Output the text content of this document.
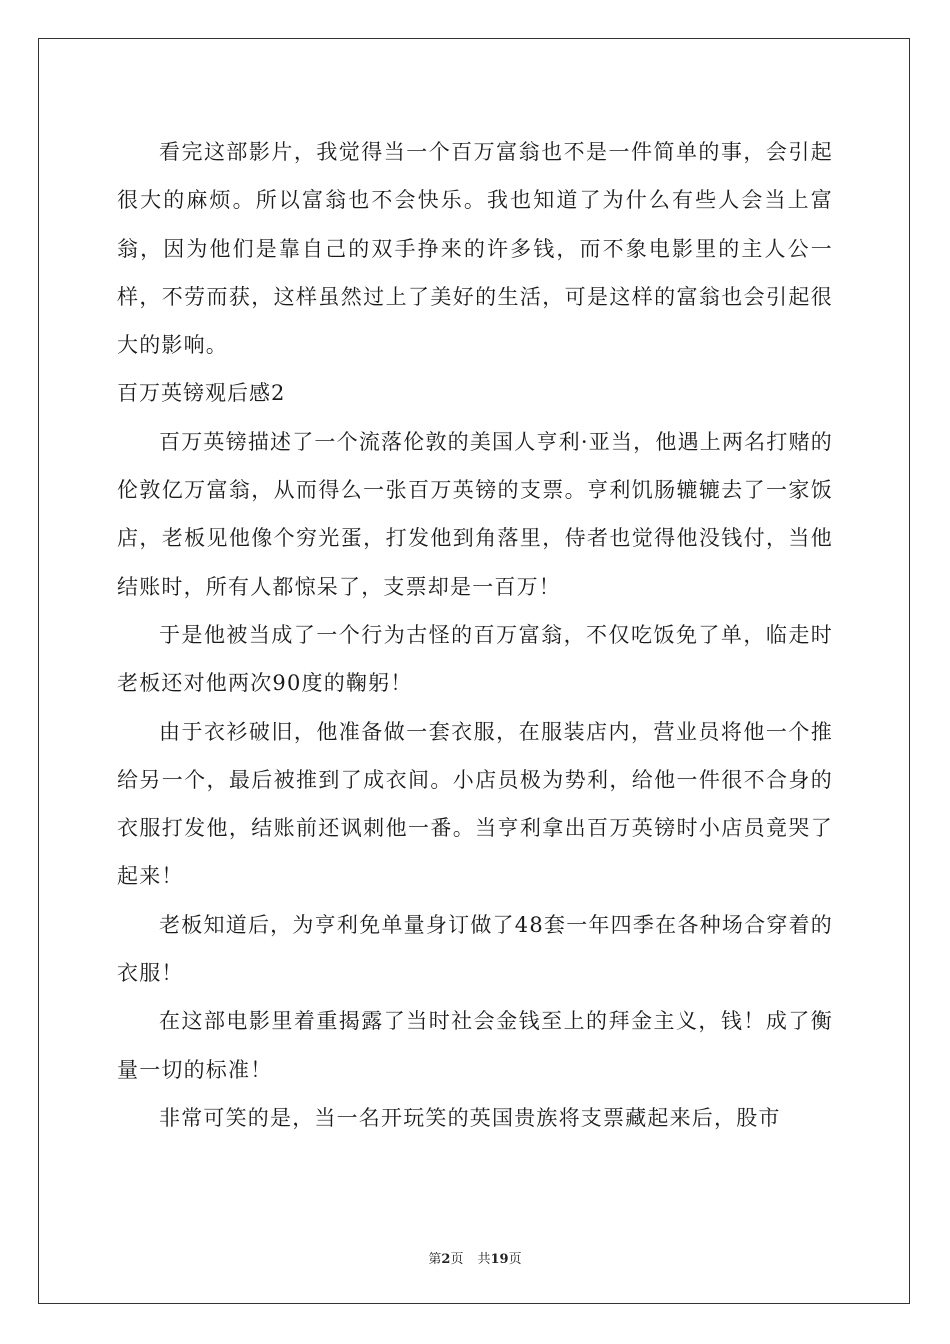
看完这部影片，我觉得当一个百万富翁也不是一件简单的事，会引起很大的麻烦。所以富翁也不会快乐。我也知道了为什么有些人会当上富翁，因为他们是靠自己的双手挣来的许多钱，而不象电影里的主人公一样，不劳而获，这样虽然过上了美好的生活，可是这样的富翁也会引起很大的影响。

百万英镑观后感2

百万英镑描述了一个流落伦敦的美国人亨利·亚当，他遇上两名打赌的伦敦亿万富翁，从而得么一张百万英镑的支票。亨利饥肠辘辘去了一家饭店，老板见他像个穷光蛋，打发他到角落里，侍者也觉得他没钱付，当他结账时，所有人都惊呆了，支票却是一百万！

于是他被当成了一个行为古怪的百万富翁，不仅吃饭免了单，临走时老板还对他两次90度的鞠躬！

由于衣衫破旧，他准备做一套衣服，在服装店内，营业员将他一个推给另一个，最后被推到了成衣间。小店员极为势利，给他一件很不合身的衣服打发他，结账前还讽刺他一番。当亨利拿出百万英镑时小店员竟哭了起来！

老板知道后，为亨利免单量身订做了48套一年四季在各种场合穿着的衣服！

在这部电影里着重揭露了当时社会金钱至上的拜金主义，钱！成了衡量一切的标准！

非常可笑的是，当一名开玩笑的英国贵族将支票藏起来后，股市

第2页 共19页
